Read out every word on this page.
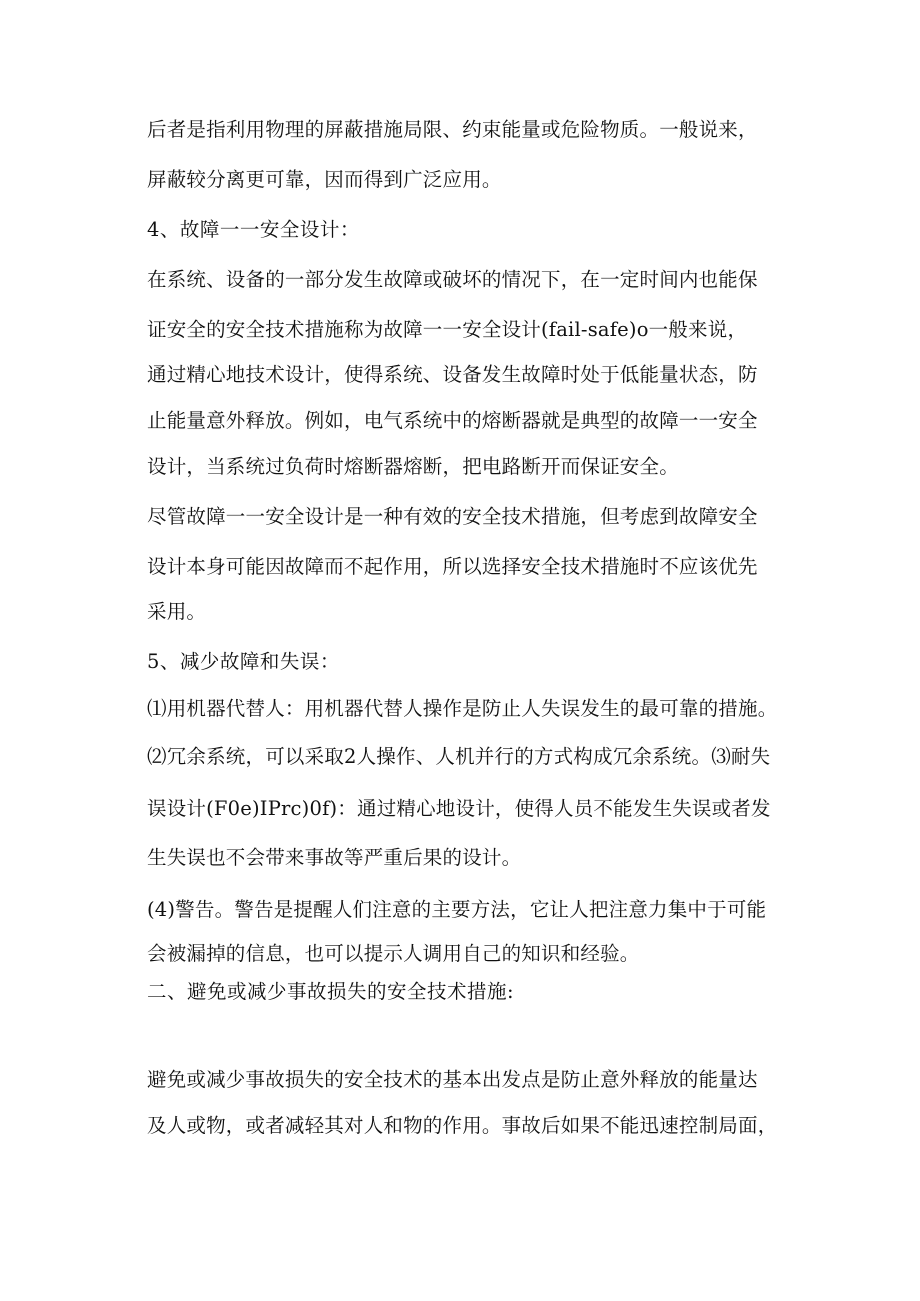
后者是指利用物理的屏蔽措施局限、约束能量或危险物质。一般说来，
屏蔽较分离更可靠，因而得到广泛应用。
4、故障一一安全设计：
在系统、设备的一部分发生故障或破坏的情况下，在一定时间内也能保
证安全的安全技术措施称为故障一一安全设计(fail-safe)o一般来说，
通过精心地技术设计，使得系统、设备发生故障时处于低能量状态，防
止能量意外释放。例如，电气系统中的熔断器就是典型的故障一一安全
设计，当系统过负荷时熔断器熔断，把电路断开而保证安全。
尽管故障一一安全设计是一种有效的安全技术措施，但考虑到故障安全
设计本身可能因故障而不起作用，所以选择安全技术措施时不应该优先
采用。
5、减少故障和失误：
⑴用机器代替人：用机器代替人操作是防止人失误发生的最可靠的措施。
⑵冗余系统，可以采取2人操作、人机并行的方式构成冗余系统。⑶耐失
误设计(F0e)IPrc)0f)：通过精心地设计，使得人员不能发生失误或者发
生失误也不会带来事故等严重后果的设计。
(4)警告。警告是提醒人们注意的主要方法，它让人把注意力集中于可能
会被漏掉的信息，也可以提示人调用自己的知识和经验。
二、避免或减少事故损失的安全技术措施:
避免或减少事故损失的安全技术的基本出发点是防止意外释放的能量达
及人或物，或者减轻其对人和物的作用。事故后如果不能迅速控制局面，
